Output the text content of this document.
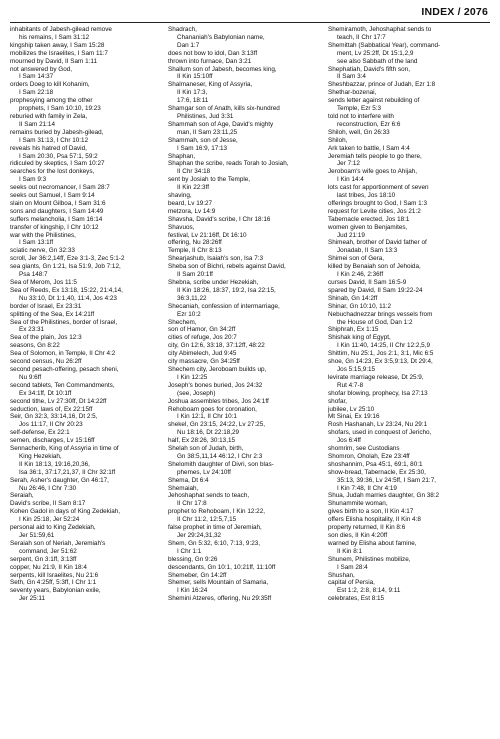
INDEX / 2076
inhabitants of Jabesh-gilead remove
his remains, I Sam 31:12
kingship taken away, I Sam 15:28
mobilizes the Israelites, I Sam 11:7
mourned by David, II Sam 1:11
not answered by God,
I Sam 14:37
orders Doeg to kill Kohanim,
I Sam 22:18
prophesying among the other
prophets, I Sam 10:10, 19:23
reburied with family in Zela,
II Sam 21:14
remains buried by Jabesh-gilead,
I Sam 31:13, I Chr 10:12
reveals his hatred of David,
I Sam 20:30, Psa 57:1, 59:2
ridiculed by skeptics, I Sam 10:27
searches for the lost donkeys,
I Sam 9:3
seeks out necromancer, I Sam 28:7
seeks out Samuel, I Sam 9:14
slain on Mount Gilboa, I Sam 31:6
sons and daughters, I Sam 14:49
suffers melancholia, I Sam 16:14
transfer of kingship, I Chr 10:12
war with the Philistines,
I Sam 13:1ff
sciatic nerve, Gn 32:33
scroll, Jer 36:2,14ff, Eze 3:1-3, Zec 5:1-2
sea giants, Gn 1:21, Isa 51:9, Job 7:12,
Psa 148:7
Sea of Merom, Jos 11:5
Sea of Reeds, Ex 13:18, 15:22, 21:4,14,
Nu 33:10, Dt 1:1,40, 11:4, Jos 4:23
border of Israel, Ex 23:31
splitting of the Sea, Ex 14:21ff
Sea of the Philistines, border of Israel,
Ex 23:31
Sea of the plain, Jos 12:3
seasons, Gn 8:22
Sea of Solomon, in Temple, II Chr 4:2
second census, Nu 26:2ff
second pesach-offering, pesach sheni,
Nu 9:6ff
second tablets, Ten Commandments,
Ex 34:1ff, Dt 10:1ff
second tithe, Lv 27:30ff, Dt 14:22ff
seduction, laws of, Ex 22:15ff
Seir, Gn 32:3, 33:14,16, Dt 2:5,
Jos 11:17, II Chr 20:23
self-defense, Ex 22:1
semen, discharges, Lv 15:16ff
Sennacherib, King of Assyria in time of
King Hezekiah,
II Kin 18:13, 19:16,20,36,
Isa 36:1, 37:17,21,37, II Chr 32:1ff
Serah, Asher's daughter, Gn 46:17,
Nu 26:46, I Chr 7:30
Seraiah,
David's scribe, II Sam 8:17
Kohen Gadol in days of King Zedekiah,
I Kin 25:18, Jer 52:24
personal aid to King Zedekiah,
Jer 51:59,61
Seraiah son of Neriah, Jeremiah's
command, Jer 51:62
serpent, Gn 3:1ff, 3:13ff
copper, Nu 21:9, II Kin 18:4
serpents, kill Israelites, Nu 21:6
Seth, Gn 4:25ff, 5:3ff, I Chr 1:1
seventy years, Babylonian exile,
Jer 25:11
Shadrach,
Chananiah's Babylonian name,
Dan 1:7
does not bow to idol, Dan 3:13ff
thrown into furnace, Dan 3:21
Shallum son of Jabesh, becomes king,
II Kin 15:10ff
Shalmaneser, King of Assyria,
II Kin 17:3,
17:6, 18:11
Shamgar son of Anath, kills six-hundred
Philistines, Jud 3:31
Shammah son of Age, David's mighty
man, II Sam 23:11,25
Shammah, son of Jesse,
I Sam 16:9, 17:13
Shaphan,
Shaphan the scribe, reads Torah to Josiah,
II Chr 34:18
sent by Josiah to the Temple,
II Kin 22:3ff
shaving,
beard, Lv 19:27
metzora, Lv 14:9
Shavsha, David's scribe, I Chr 18:16
Shavuos,
festival, Lv 21:16ff, Dt 16:10
offering, Nu 28:26ff
Temple, II Chr 8:13
Shearjashub, Isaiah's son, Isa 7:3
Sheba son of Bichri, rebels against David,
II Sam 20:1ff
Shebna, scribe under Hezekiah,
II Kin 18:26, 18:37, 19:2, Isa 22:15,
36:3,11,22
Shecaniah, confession of intermarriage,
Ezr 10:2
Shechem,
son of Hamor, Gn 34:2ff
cities of refuge, Jos 20:7
city, Gn 12:6, 33:18, 37:12ff, 48:22
city Abimelech, Jud 9:45
city massacre, Gn 34:25ff
Shechem city, Jeroboam builds up,
I Kin 12:25
Joseph's bones buried, Jos 24:32
(see, Joseph)
Joshua assembles tribes, Jos 24:1ff
Rehoboam goes for coronation,
I Kin 12:1, II Chr 10:1
shekel, Gn 23:15, 24:22, Lv 27:25,
Nu 18:16, Dt 22:18,29
half, Ex 28:26, 30:13,15
Shelah son of Judah, birth,
Gn 38:5,11,14 46:12, I Chr 2:3
Shelomith daughter of Divri, son blas-
phemes, Lv 24:10ff
Shema, Dt 6:4
Shemaiah,
Jehoshaphat sends to teach,
II Chr 17:8
prophet to Rehoboam, I Kin 12:22,
II Chr 11:2, 12:5,7,15
false prophet in time of Jeremiah,
Jer 29:24,31,32
Shem, Gn 5:32, 6:10, 7:13, 9:23,
I Chr 1:1
blessing, Gn 9:26
descendants, Gn 10:1, 10:21ff, 11:10ff
Shemeber, Gn 14:2ff
Shemer, sells Mountain of Samaria,
I Kin 16:24
Shemini Atzeres, offering, Nu 29:35ff
Shemiramoth, Jehoshaphat sends to
teach, II Chr 17:7
Shemittah (Sabbatical Year), command-
ment, Lv 25:2ff, Dt 15:1,2,9
see also Sabbath of the land
Shephatiah, David's fifth son,
II Sam 3:4
Sheshbazzar, prince of Judah, Ezr 1:8
Shethar-bozenai,
sends letter against rebuilding of
Temple, Ezr 5:3
told not to interfere with
reconstruction, Ezr 6:6
Shiloh, well, Gn 26:33
Shiloh,
Ark taken to battle, I Sam 4:4
Jeremiah tells people to go there,
Jer 7:12
Jeroboam's wife goes to Ahijah,
I Kin 14:4
lots cast for apportionment of seven
last tribes, Jos 18:10
offerings brought to God, I Sam 1:3
request for Levite cities, Jos 21:2
Tabernacle erected, Jos 18:1
women given to Benjamites,
Jud 21:19
Shimeah, brother of David father of
Jonadab, II Sam 13:3
Shimei son of Gera,
killed by Benaiah son of Jehoida,
I Kin 2:46, 2:36ff
curses David, II Sam 16:5-9
spared by David, II Sam 19:22-24
Shinab, Gn 14:2ff
Shinar, Gn 10:10, 11:2
Nebuchadnezzar brings vessels from
the House of God, Dan 1:2
Shiphrah, Ex 1:15
Shishak king of Egypt,
I Kin 11:40, 14:25, II Chr 12:2,5,9
Shittim, Nu 25:1, Jos 2:1, 3:1, Mic 6:5
shoe, Gn 14:23, Ex 3:5,9:13, Dt 29:4,
Jos 5:15,9:15
levirate marriage release, Dt 25:9,
Rut 4:7-8
shofar blowing, prophecy, Isa 27:13
shofar,
jubilee, Lv 25:10
Mt Sinai, Ex 19:16
Rosh Hashanah, Lv 23:24, Nu 29:1
shofars, used in conquest of Jericho,
Jos 6:4ff
shomrim, see Custodians
Shomron, Oholah, Eze 23:4ff
shoshannim, Psa 45:1, 69:1, 80:1
show-bread, Tabernacle, Ex 25:30,
35:13, 39:36, Lv 24:5ff, I Sam 21:7,
I Kin 7:48, II Chr 4:19
Shua, Judah marries daughter, Gn 38:2
Shunammite woman,
gives birth to a son, II Kin 4:17
offers Elisha hospitality, II Kin 4:8
property returned, II Kin 8:6
son dies, II Kin 4:20ff
warned by Elisha about famine,
II Kin 8:1
Shunem, Philistines mobilize,
I Sam 28:4
Shushan,
capital of Persia,
Est 1:2, 2:8, 8:14, 9:11
celebrates, Est 8:15
